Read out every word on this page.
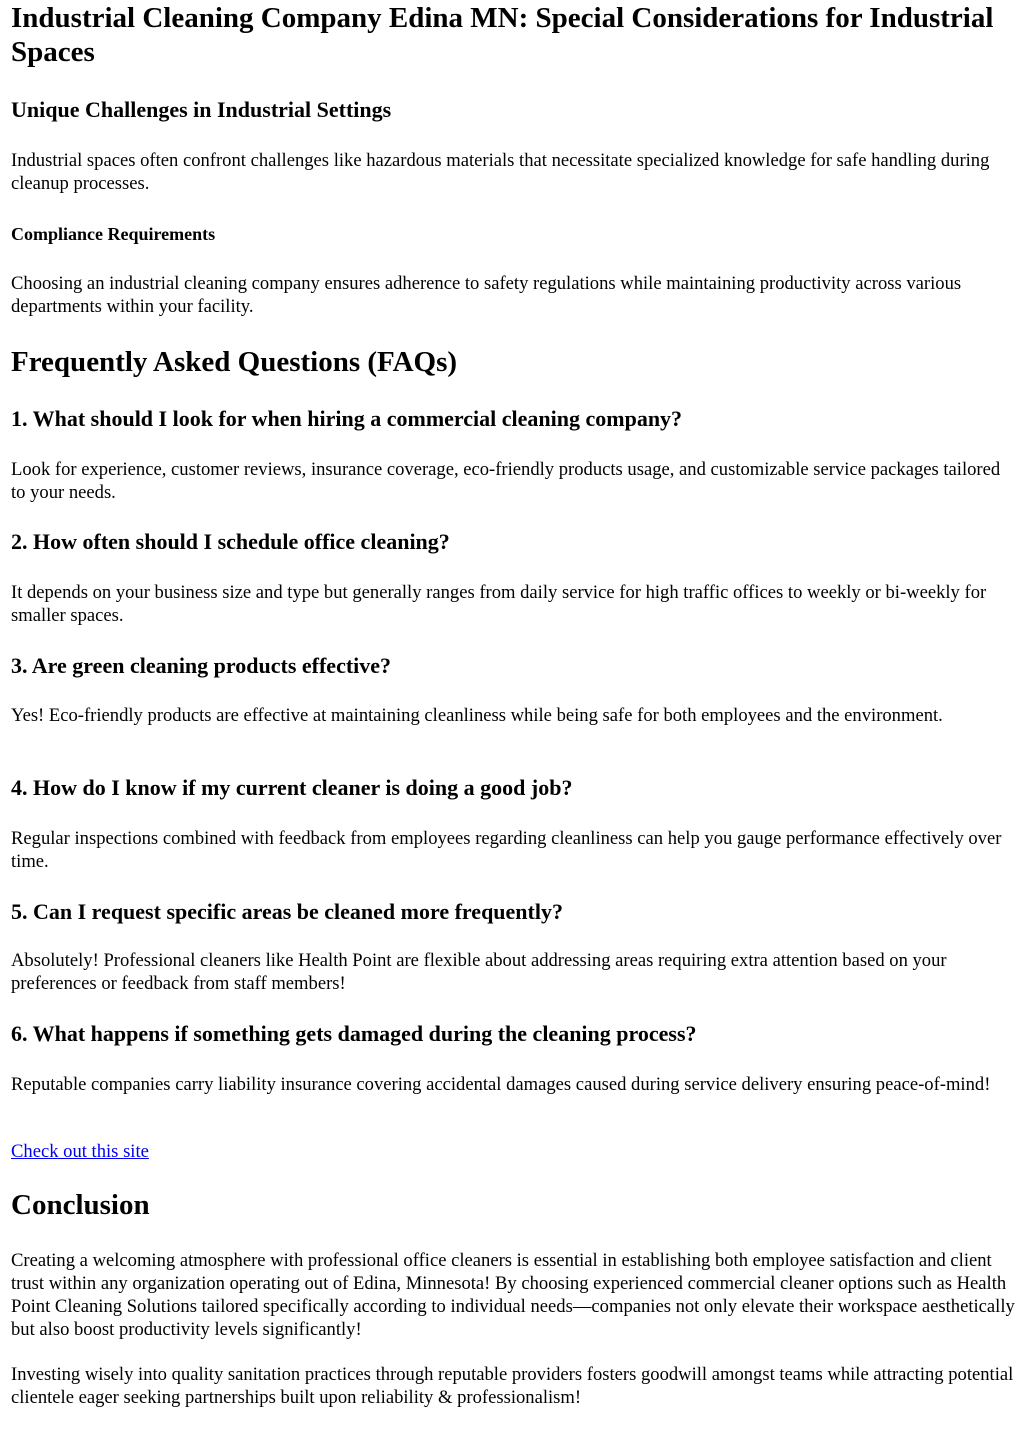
Industrial Cleaning Company Edina MN: Special Considerations for Industrial Spaces
Unique Challenges in Industrial Settings

Industrial spaces often confront challenges like hazardous materials that necessitate specialized knowledge for safe handling during cleanup processes.

Compliance Requirements

Choosing an industrial cleaning company ensures adherence to safety regulations while maintaining productivity across various departments within your facility.

Frequently Asked Questions (FAQs)
1. What should I look for when hiring a commercial cleaning company?

Look for experience, customer reviews, insurance coverage, eco-friendly products usage, and customizable service packages tailored to your needs.

2. How often should I schedule office cleaning?

It depends on your business size and type but generally ranges from daily service for high traffic offices to weekly or bi-weekly for smaller spaces.

3. Are green cleaning products effective?

Yes! Eco-friendly products are effective at maintaining cleanliness while being safe for both employees and the environment.

4. How do I know if my current cleaner is doing a good job?

Regular inspections combined with feedback from employees regarding cleanliness can help you gauge performance effectively over time.

5. Can I request specific areas be cleaned more frequently?

Absolutely! Professional cleaners like Health Point are flexible about addressing areas requiring extra attention based on your preferences or feedback from staff members!

6. What happens if something gets damaged during the cleaning process?

Reputable companies carry liability insurance covering accidental damages caused during service delivery ensuring peace-of-mind!

Check out this site
Conclusion

Creating a welcoming atmosphere with professional office cleaners is essential in establishing both employee satisfaction and client trust within any organization operating out of Edina, Minnesota! By choosing experienced commercial cleaner options such as Health Point Cleaning Solutions tailored specifically according to individual needs—companies not only elevate their workspace aesthetically but also boost productivity levels significantly!

Investing wisely into quality sanitation practices through reputable providers fosters goodwill amongst teams while attracting potential clientele eager seeking partnerships built upon reliability & professionalism!
